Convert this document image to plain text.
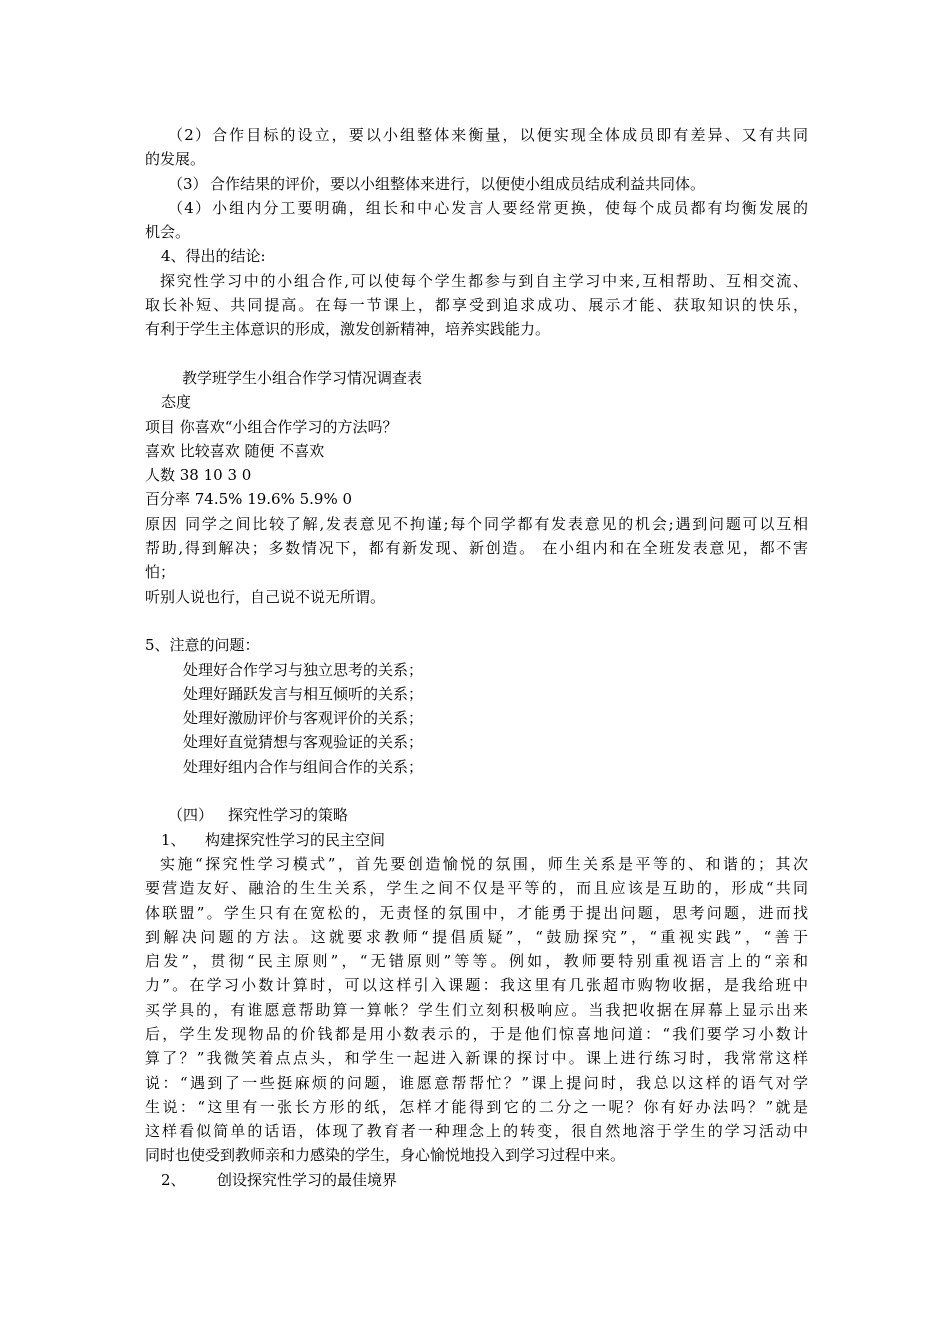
（2）合作目标的设立，要以小组整体来衡量，以便实现全体成员即有差异、又有共同
的发展。
（3） 合作结果的评价，要以小组整体来进行，以便使小组成员结成利益共同体。
（4）小组内分工要明确，组长和中心发言人要经常更换，使每个成员都有均衡发展的
机会。
4、得出的结论:
探究性学习中的小组合作,可以使每个学生都参与到自主学习中来,互相帮助、互相交流、
取长补短、共同提高。在每一节课上，都享受到追求成功、展示才能、获取知识的快乐，
有利于学生主体意识的形成，激发创新精神，培养实践能力。
教学班学生小组合作学习情况调查表
态度
项目 你喜欢“小组合作学习的方法吗？
喜欢 比较喜欢 随便 不喜欢
人数 38 10 3 0
百分率 74.5% 19.6% 5.9% 0
原因 同学之间比较了解,发表意见不拘谨;每个同学都有发表意见的机会;遇到问题可以互相
帮助,得到解决；多数情况下，都有新发现、新创造。 在小组内和在全班发表意见，都不害
怕；
听别人说也行，自己说不说无所谓。
5、注意的问题：
处理好合作学习与独立思考的关系；
处理好踊跃发言与相互倾听的关系；
处理好激励评价与客观评价的关系；
处理好直觉猜想与客观验证的关系；
处理好组内合作与组间合作的关系；
（四） 探究性学习的策略
1、 构建探究性学习的民主空间
实施“探究性学习模式”，首先要创造愉悦的氛围，师生关系是平等的、和谐的；其次
要营造友好、融洽的生生关系，学生之间不仅是平等的，而且应该是互助的，形成“共同
体联盟”。学生只有在宽松的，无责怪的氛围中，才能勇于提出问题，思考问题，进而找
到解决问题的方法。这就要求教师“提倡质疑”，“鼓励探究”，“重视实践”，“善于
启发”，贯彻“民主原则”，“无错原则”等等。例如，教师要特别重视语言上的“亲和
力”。在学习小数计算时，可以这样引入课题：我这里有几张超市购物收据，是我给班中
买学具的，有谁愿意帮助算一算帐？学生们立刻积极响应。当我把收据在屏幕上显示出来
后，学生发现物品的价钱都是用小数表示的，于是他们惊喜地问道：“我们要学习小数计
算了？”我微笑着点点头，和学生一起进入新课的探讨中。课上进行练习时，我常常这样
说：“遇到了一些挺麻烦的问题，谁愿意帮帮忙？”课上提问时，我总以这样的语气对学
生说：“这里有一张长方形的纸，怎样才能得到它的二分之一呢？你有好办法吗？”就是
这样看似简单的话语，体现了教育者一种理念上的转变，很自然地溶于学生的学习活动中
同时也使受到教师亲和力感染的学生，身心愉悦地投入到学习过程中来。
2、 创设探究性学习的最佳境界
